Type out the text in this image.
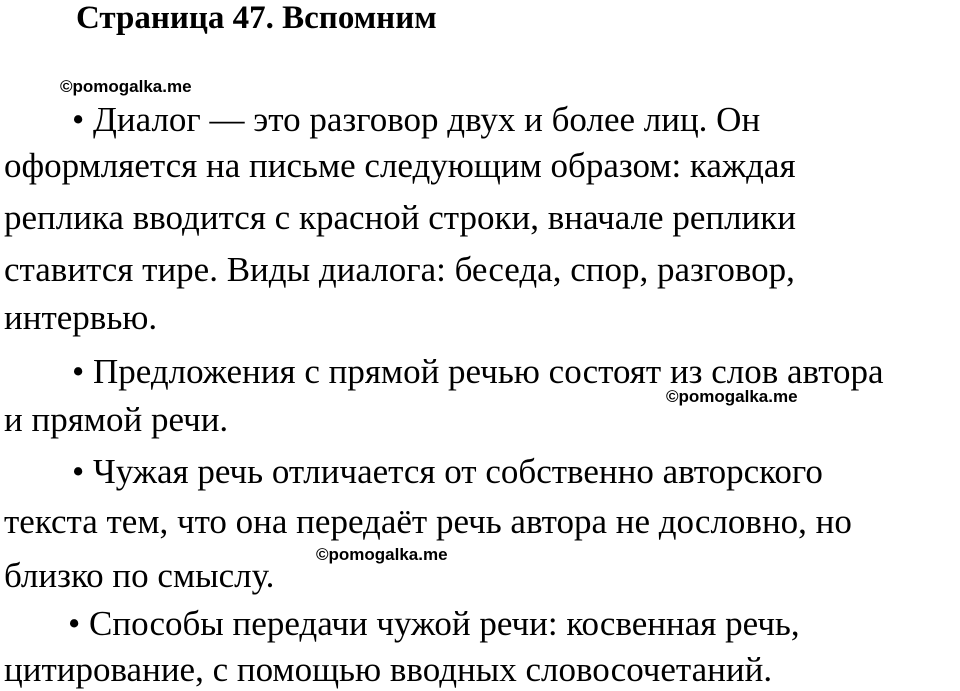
Страница 47. Вспомним
©pomogalka.me
• Диалог — это разговор двух и более лиц. Он
оформляется на письме следующим образом: каждая
реплика вводится с красной строки, вначале реплики
ставится тире. Виды диалога: беседа, спор, разговор,
интервью.
• Предложения с прямой речью состоят из слов автора
и прямой речи.
©pomogalka.me
• Чужая речь отличается от собственно авторского
текста тем, что она передаёт речь автора не дословно, но
близко по смыслу.
©pomogalka.me
• Способы передачи чужой речи: косвенная речь,
цитирование, с помощью вводных словосочетаний.
